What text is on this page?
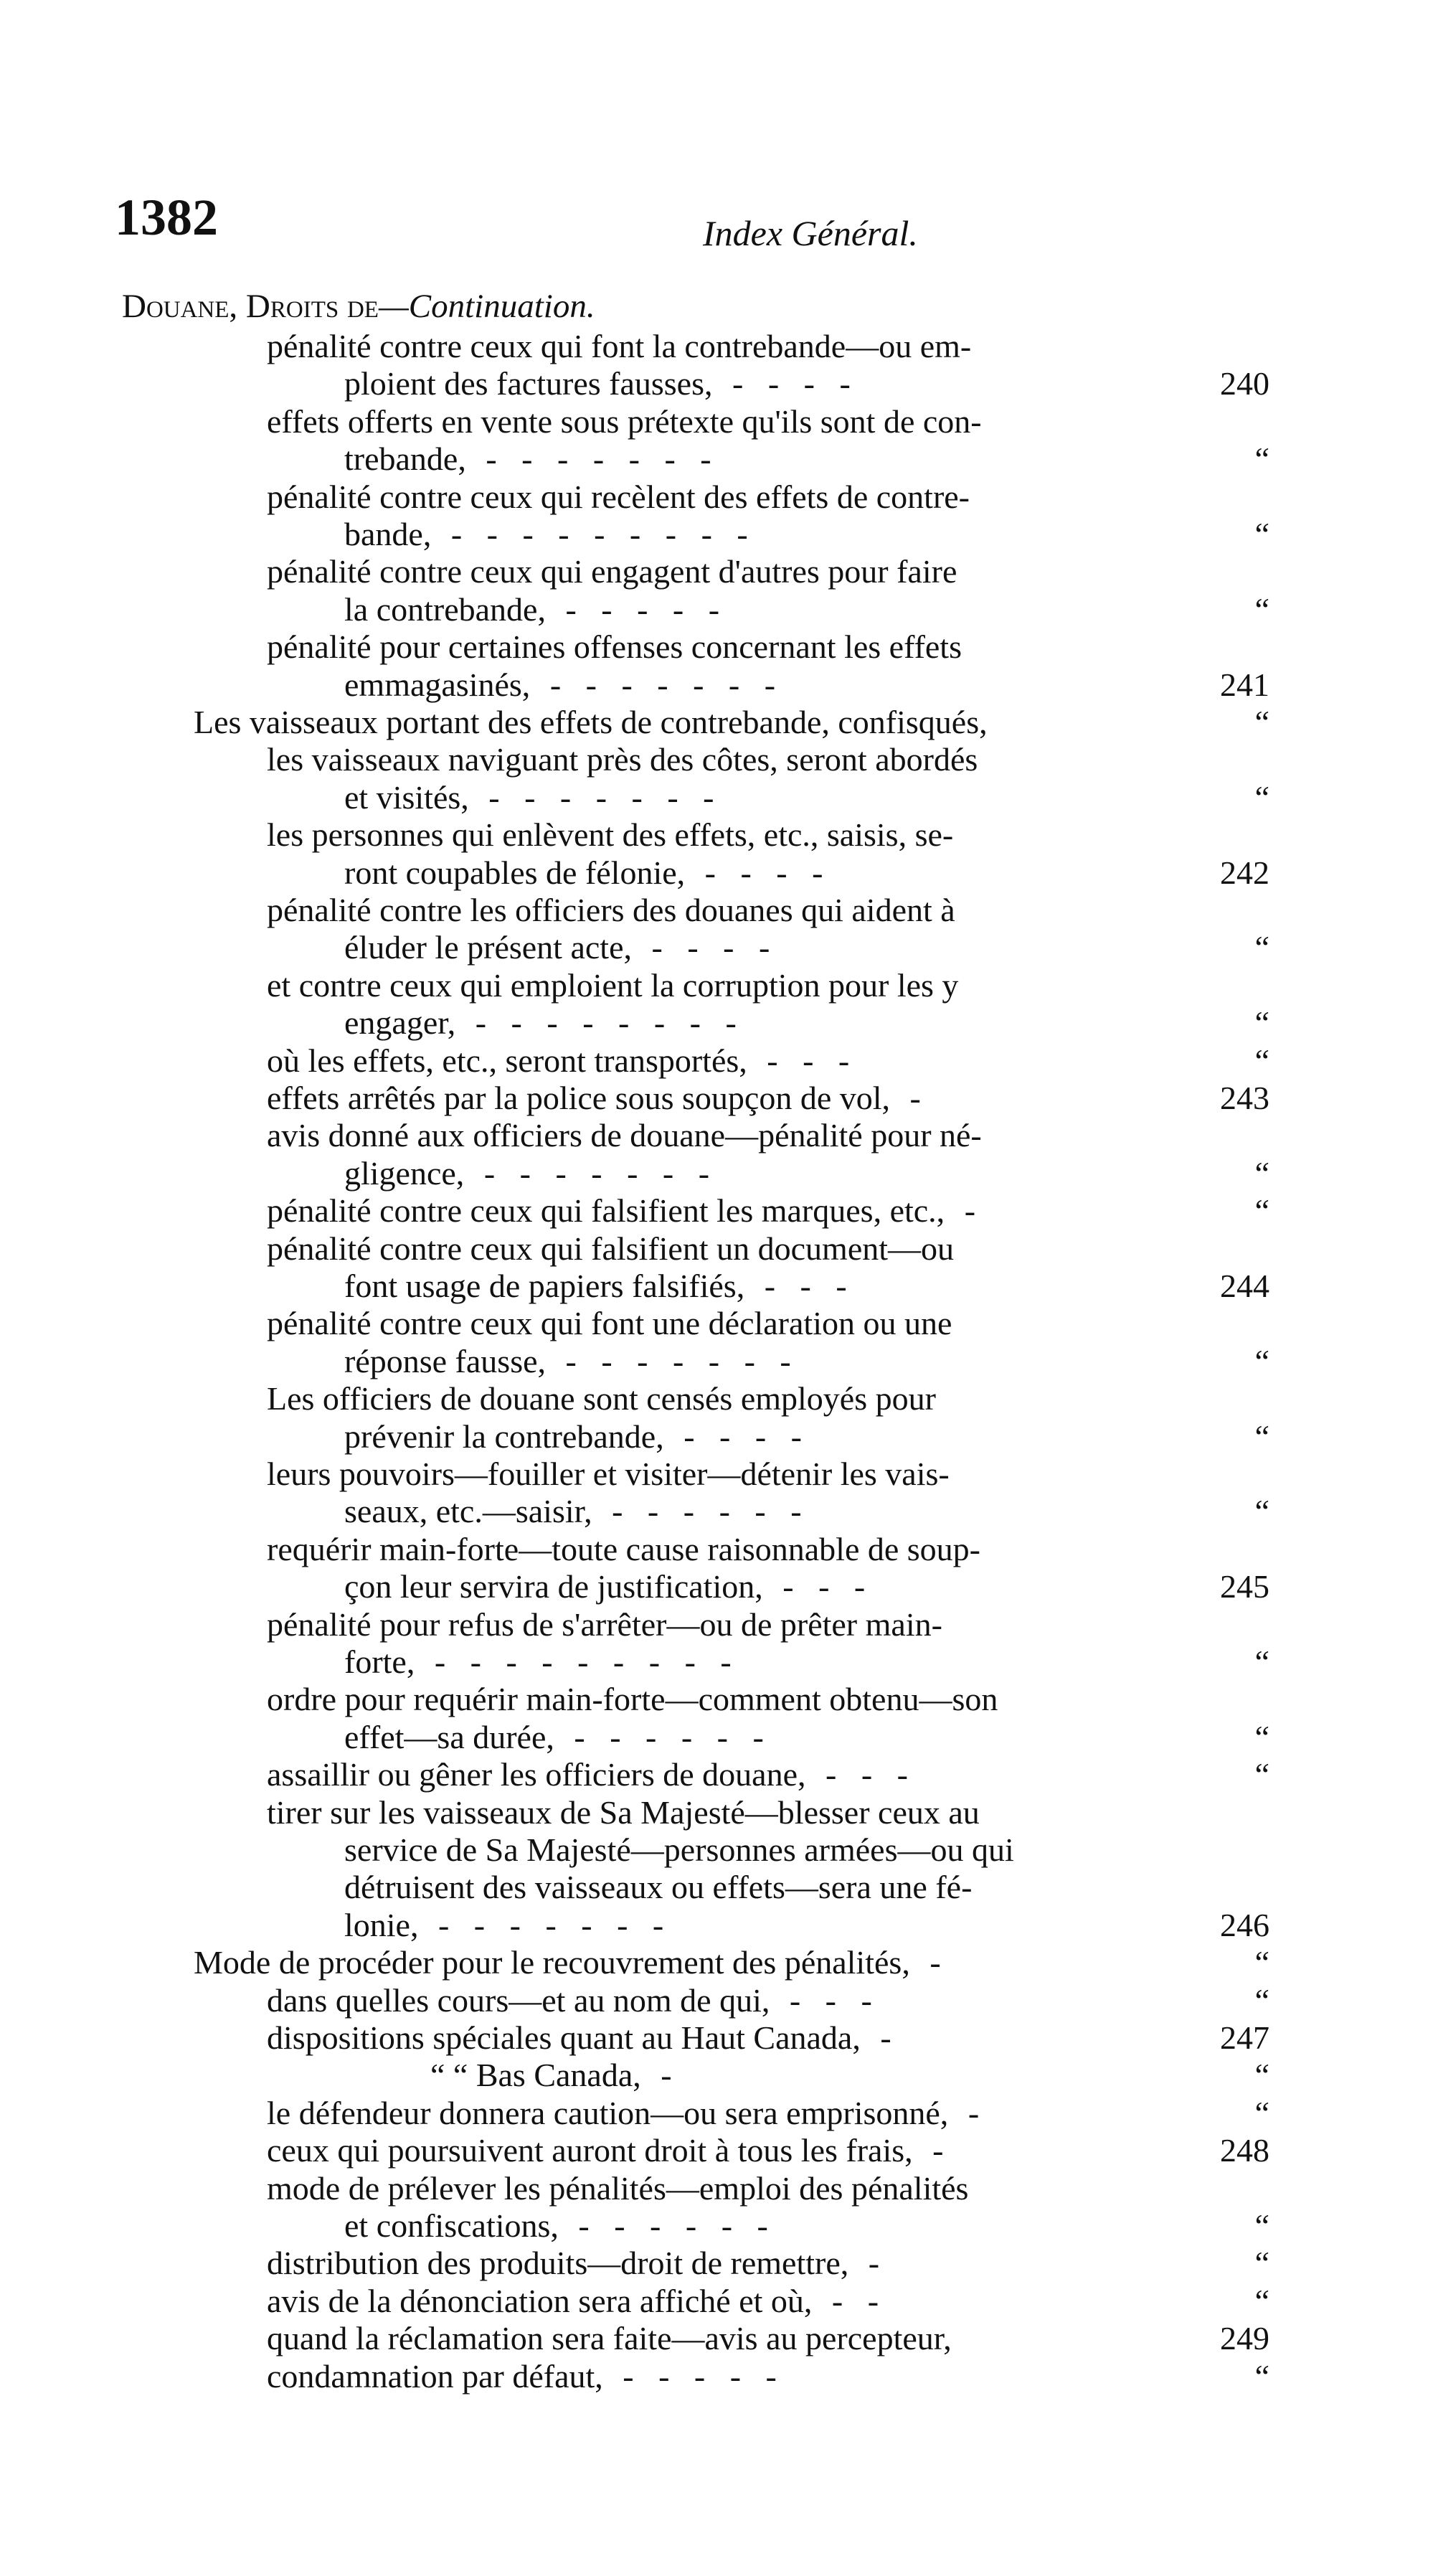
1382	Index Général.
Douane, Droits de—Continuation.
pénalité contre ceux qui font la contrebande—ou em-
ploient des factures fausses, -   -   -   -	240
effets offerts en vente sous prétexte qu'ils sont de con-
trebande, -   -   -   -   -   -   -	“
pénalité contre ceux qui recèlent des effets de contre-
bande, -   -   -   -   -   -   -   -   -	“
pénalité contre ceux qui engagent d'autres pour faire
la contrebande, -   -   -   -   -	“
pénalité pour certaines offenses concernant les effets
emmagasinés, -   -   -   -   -   -   -	241
Les vaisseaux portant des effets de contrebande, confisqués,	“
les vaisseaux naviguant près des côtes, seront abordés
et visités, -   -   -   -   -   -   -	“
les personnes qui enlèvent des effets, etc., saisis, se-
ront coupables de félonie, -   -   -   -	242
pénalité contre les officiers des douanes qui aident à
éluder le présent acte, -   -   -   -	“
et contre ceux qui emploient la corruption pour les y
engager, -   -   -   -   -   -   -   -	“
où les effets, etc., seront transportés, -   -   -	“
effets arrêtés par la police sous soupçon de vol, -	243
avis donné aux officiers de douane—pénalité pour né-
gligence, -   -   -   -   -   -   -	“
pénalité contre ceux qui falsifient les marques, etc., -	“
pénalité contre ceux qui falsifient un document—ou
font usage de papiers falsifiés, -   -   -	244
pénalité contre ceux qui font une déclaration ou une
réponse fausse, -   -   -   -   -   -   -	“
Les officiers de douane sont censés employés pour
prévenir la contrebande, -   -   -   -	“
leurs pouvoirs—fouiller et visiter—détenir les vais-
seaux, etc.—saisir, -   -   -   -   -   -	“
requérir main-forte—toute cause raisonnable de soup-
çon leur servira de justification, -   -   -	245
pénalité pour refus de s'arrêter—ou de prêter main-
forte, -   -   -   -   -   -   -   -   -	“
ordre pour requérir main-forte—comment obtenu—son
effet—sa durée, -   -   -   -   -   -	“
assaillir ou gêner les officiers de douane, -   -   -	“
tirer sur les vaisseaux de Sa Majesté—blesser ceux au
service de Sa Majesté—personnes armées—ou qui
détruisent des vaisseaux ou effets—sera une fé-
lonie, -   -   -   -   -   -   -	246
Mode de procéder pour le recouvrement des pénalités, -	“
dans quelles cours—et au nom de qui, -   -   -	“
dispositions spéciales quant au Haut Canada, -	247
“ “ Bas Canada, -	“
le défendeur donnera caution—ou sera emprisonné, -	“
ceux qui poursuivent auront droit à tous les frais, -	248
mode de prélever les pénalités—emploi des pénalités
et confiscations, -   -   -   -   -   -	“
distribution des produits—droit de remettre, -	“
avis de la dénonciation sera affiché et où, -   -	“
quand la réclamation sera faite—avis au percepteur,	249
condamnation par défaut, -   -   -   -   -	“
